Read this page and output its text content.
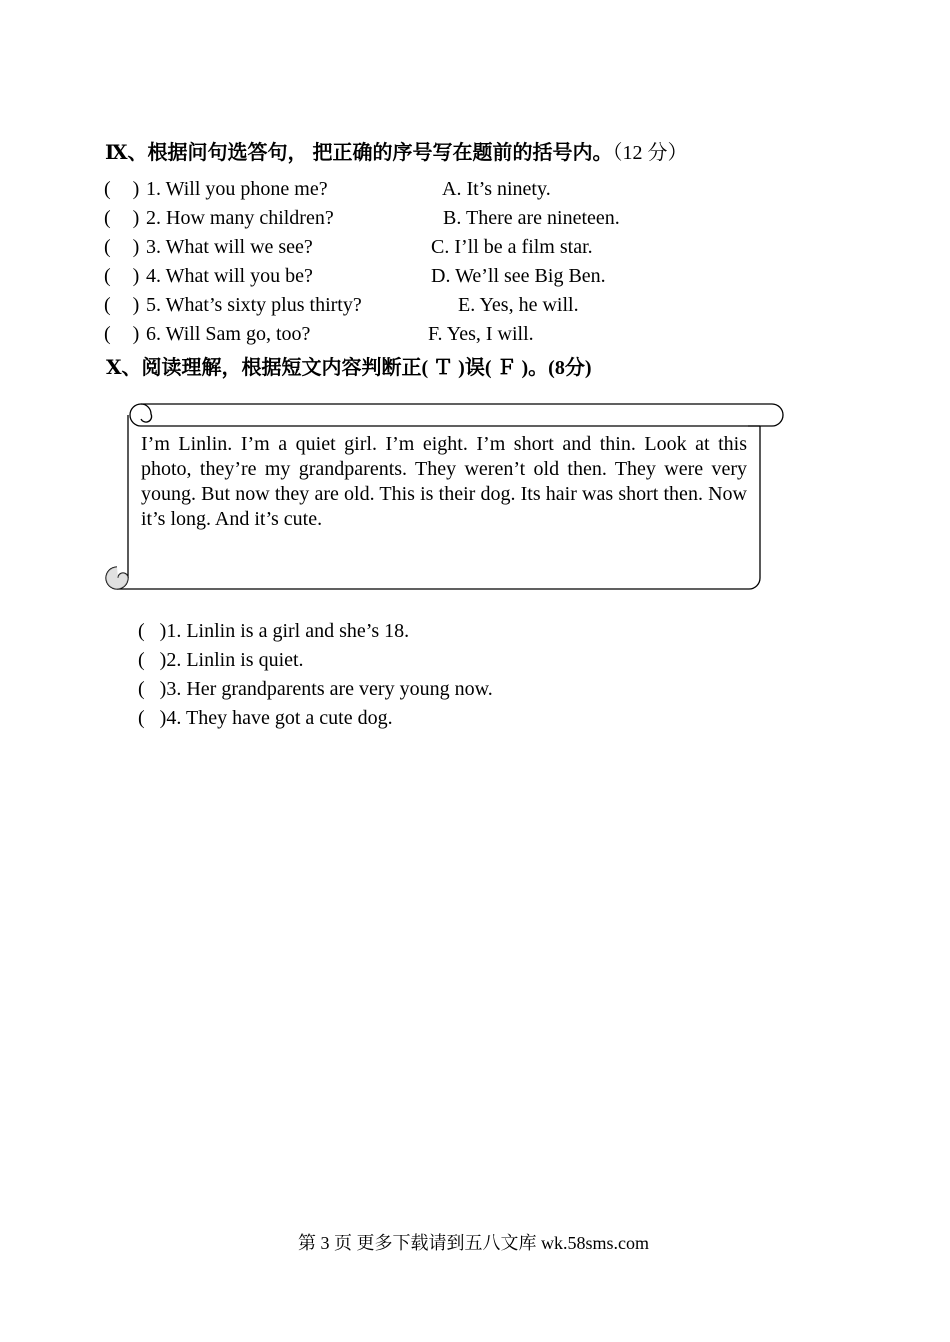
Ⅸ、根据问句选答句， 把正确的序号写在题前的括号内。（12 分）
( ) 1. Will you phone me?
( ) 2. How many children?
( ) 3. What will we see?
( ) 4. What will you be?
( ) 5. What’s sixty plus thirty?
( ) 6. Will Sam go, too?
A. It’s ninety.
B. There are nineteen.
C. I’ll be a film star.
D. We’ll see Big Ben.
E. Yes, he will.
F. Yes, I will.
Ⅹ、阅读理解，根据短文内容判断正( Ｔ )误( Ｆ )。(8分)
I’m Linlin. I’m a quiet girl. I’m eight. I’m short and thin. Look at this photo, they’re my grandparents. They weren’t old then. They were very young. But now they are old. This is their dog. Its hair was short then. Now it’s long. And it’s cute.
( )1. Linlin is a girl and she’s 18.
( )2. Linlin is quiet.
( )3. Her grandparents are very young now.
( )4. They have got a cute dog.
第 3 页 更多下载请到五八文库 wk.58sms.com
